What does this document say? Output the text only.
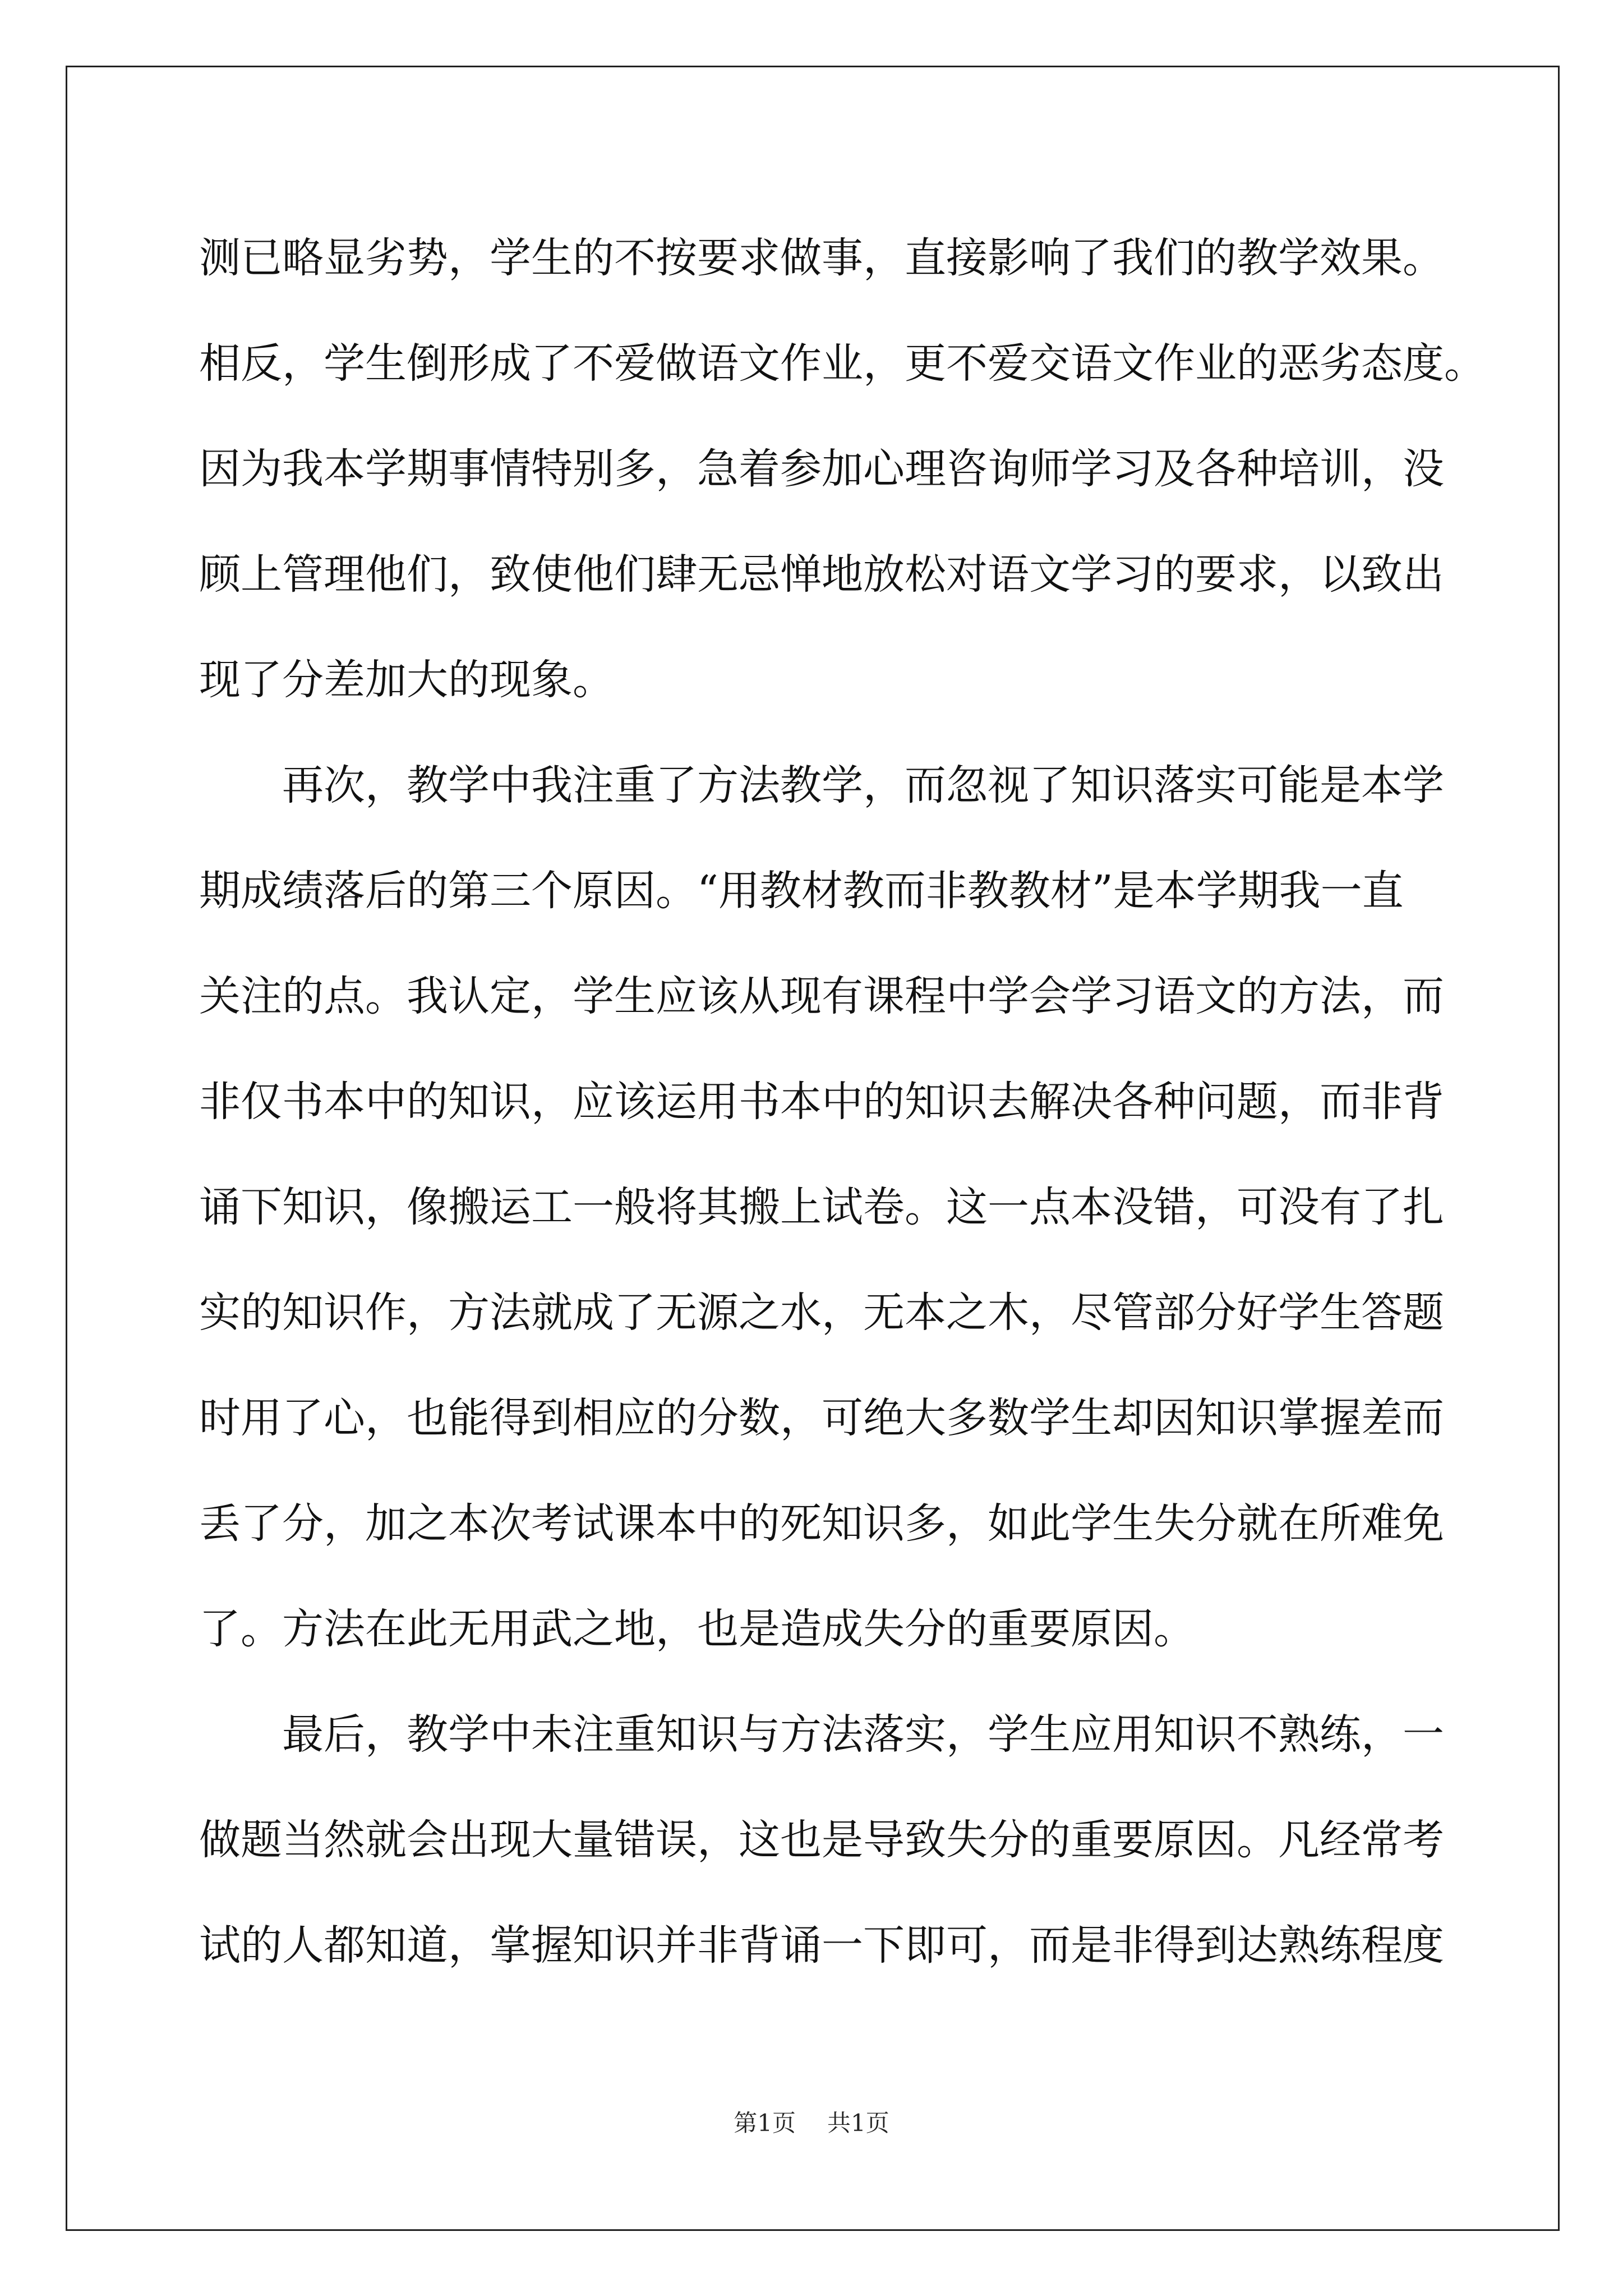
测已略显劣势，学生的不按要求做事，直接影响了我们的教学效果。
相反，学生倒形成了不爱做语文作业，更不爱交语文作业的恶劣态度。
因为我本学期事情特别多，急着参加心理咨询师学习及各种培训，没
顾上管理他们，致使他们肆无忌惮地放松对语文学习的要求，以致出
现了分差加大的现象。
　　再次，教学中我注重了方法教学，而忽视了知识落实可能是本学
期成绩落后的第三个原因。“用教材教而非教教材”是本学期我一直
关注的点。我认定，学生应该从现有课程中学会学习语文的方法，而
非仅书本中的知识，应该运用书本中的知识去解决各种问题，而非背
诵下知识，像搬运工一般将其搬上试卷。这一点本没错，可没有了扎
实的知识作，方法就成了无源之水，无本之木，尽管部分好学生答题
时用了心，也能得到相应的分数，可绝大多数学生却因知识掌握差而
丢了分，加之本次考试课本中的死知识多，如此学生失分就在所难免
了。方法在此无用武之地，也是造成失分的重要原因。
　　最后，教学中未注重知识与方法落实，学生应用知识不熟练，一
做题当然就会出现大量错误，这也是导致失分的重要原因。凡经常考
试的人都知道，掌握知识并非背诵一下即可，而是非得到达熟练程度
第1页 共1页
